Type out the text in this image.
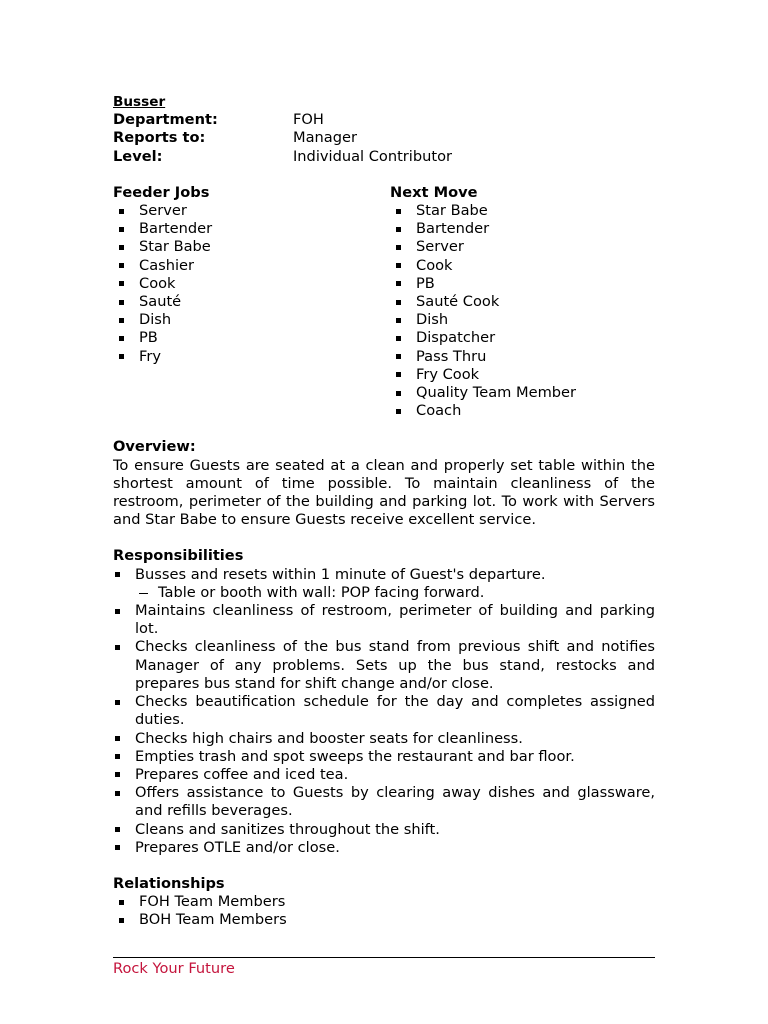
Busser
Department:	FOH
Reports to:	Manager
Level:	Individual Contributor
Feeder Jobs
Server
Bartender
Star Babe
Cashier
Cook
Sauté
Dish
PB
Fry
Next Move
Star Babe
Bartender
Server
Cook
PB
Sauté Cook
Dish
Dispatcher
Pass Thru
Fry Cook
Quality Team Member
Coach
Overview:
To ensure Guests are seated at a clean and properly set table within the shortest amount of time possible. To maintain cleanliness of the restroom, perimeter of the building and parking lot. To work with Servers and Star Babe to ensure Guests receive excellent service.
Responsibilities
Busses and resets within 1 minute of Guest's departure.
Table or booth with wall: POP facing forward.
Maintains cleanliness of restroom, perimeter of building and parking lot.
Checks cleanliness of the bus stand from previous shift and notifies Manager of any problems. Sets up the bus stand, restocks and prepares bus stand for shift change and/or close.
Checks beautification schedule for the day and completes assigned duties.
Checks high chairs and booster seats for cleanliness.
Empties trash and spot sweeps the restaurant and bar floor.
Prepares coffee and iced tea.
Offers assistance to Guests by clearing away dishes and glassware, and refills beverages.
Cleans and sanitizes throughout the shift.
Prepares OTLE and/or close.
Relationships
FOH Team Members
BOH Team Members
Rock Your Future
